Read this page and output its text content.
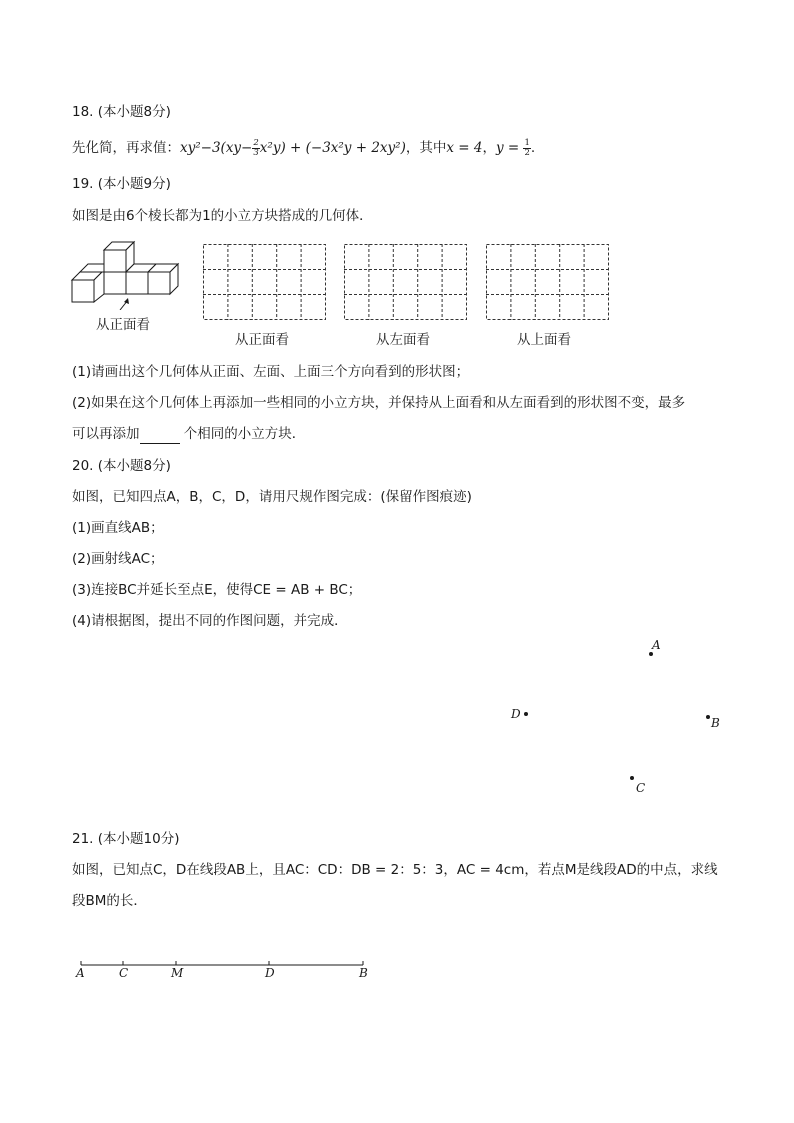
18. (本小题8分)
先化简，再求值：$xy^2-3(xy- \frac{2}{3} x^2y) + (-3x^2y + 2xy^2)$，其中x = 4，$y = \frac{1}{2}$ .
19. (本小题9分)
如图是由6个棱长都为1的小立方块搭成的几何体．
从正面看
从正面看	从左面看	从上面看
(1)请画出这个几何体从正面、左面、上面三个方向看到的形状图；
(2)如果在这个几何体上再添加一些相同的小立方块，并保持从上面看和从左面看到的形状图不变，最多
可以再添加	个相同的小立方块．
20. (本小题8分)
如图，已知四点A，B，C，D，请用尺规作图完成：(保留作图痕迹)
(1)画直线AB；
(2)画射线AC；
(3)连接BC并延长至点E，使得CE = AB + BC；
(4)请根据图，提出不同的作图问题，并完成．
A
D
B
C
21. (本小题10分)
如图，已知点C，D在线段AB上，且AC：CD：DB = 2：5：3，AC = 4cm，若点M是线段AD的中点，求线
段BM的长．
A	C	M	D	B
